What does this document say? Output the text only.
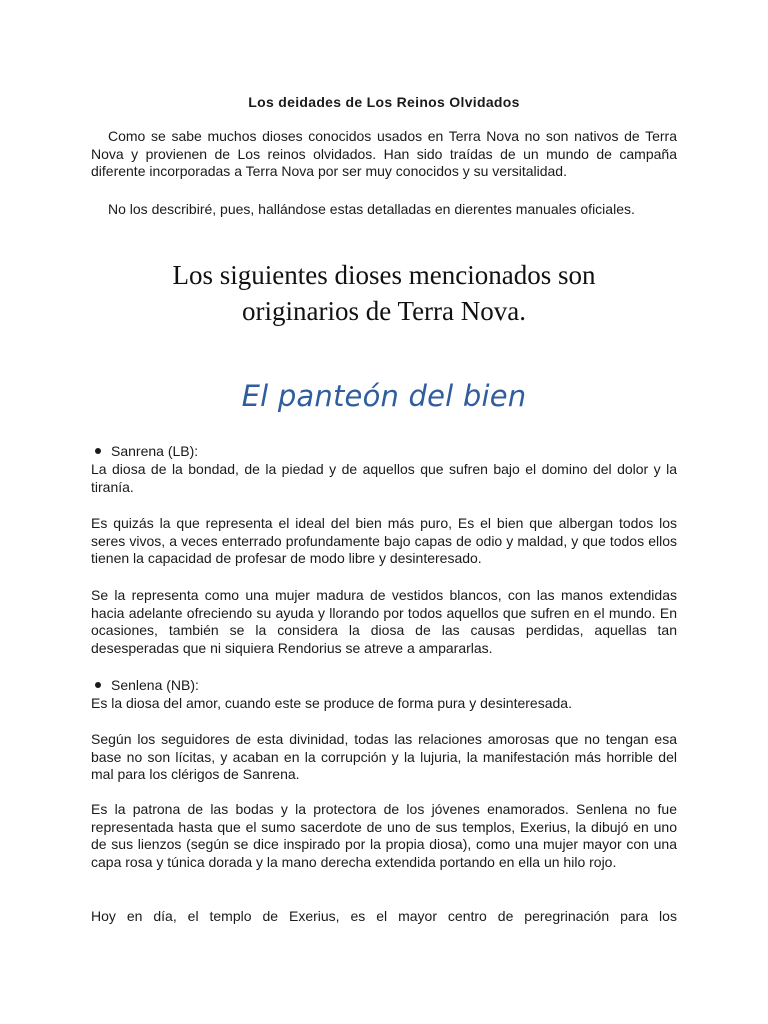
Los deidades de Los Reinos Olvidados

Como se sabe muchos dioses conocidos usados en Terra Nova no son nativos de Terra Nova y provienen de Los reinos olvidados. Han sido traídas de un mundo de campaña diferente incorporadas a Terra Nova por ser muy conocidos y su versitalidad.

No los describiré, pues, hallándose estas detalladas en dierentes manuales oficiales.

Los siguientes dioses mencionados son
originarios de Terra Nova.
El panteón del bien
Sanrena (LB):

La diosa de la bondad, de la piedad y de aquellos que sufren bajo el domino del dolor y la tiranía.

Es quizás la que representa el ideal del bien más puro, Es el bien que albergan todos los seres vivos, a veces enterrado profundamente bajo capas de odio y maldad, y que todos ellos tienen la capacidad de profesar de modo libre y desinteresado.

Se la representa como una mujer madura de vestidos blancos, con las manos extendidas hacia adelante ofreciendo su ayuda y llorando por todos aquellos que sufren en el mundo. En ocasiones, también se la considera la diosa de las causas perdidas, aquellas tan desesperadas que ni siquiera Rendorius se atreve a ampararlas.

Senlena (NB):

Es la diosa del amor, cuando este se produce de forma pura y desinteresada.

Según los seguidores de esta divinidad, todas las relaciones amorosas que no tengan esa base no son lícitas, y acaban en la corrupción y la lujuria, la manifestación más horrible del mal para los clérigos de Sanrena.

Es la patrona de las bodas y la protectora de los jóvenes enamorados. Senlena no fue representada hasta que el sumo sacerdote de uno de sus templos, Exerius, la dibujó en uno de sus lienzos (según se dice inspirado por la propia diosa), como una mujer mayor con una capa rosa y túnica dorada y la mano derecha extendida portando en ella un hilo rojo.

Hoy en día, el templo de Exerius, es el mayor centro de peregrinación para los
